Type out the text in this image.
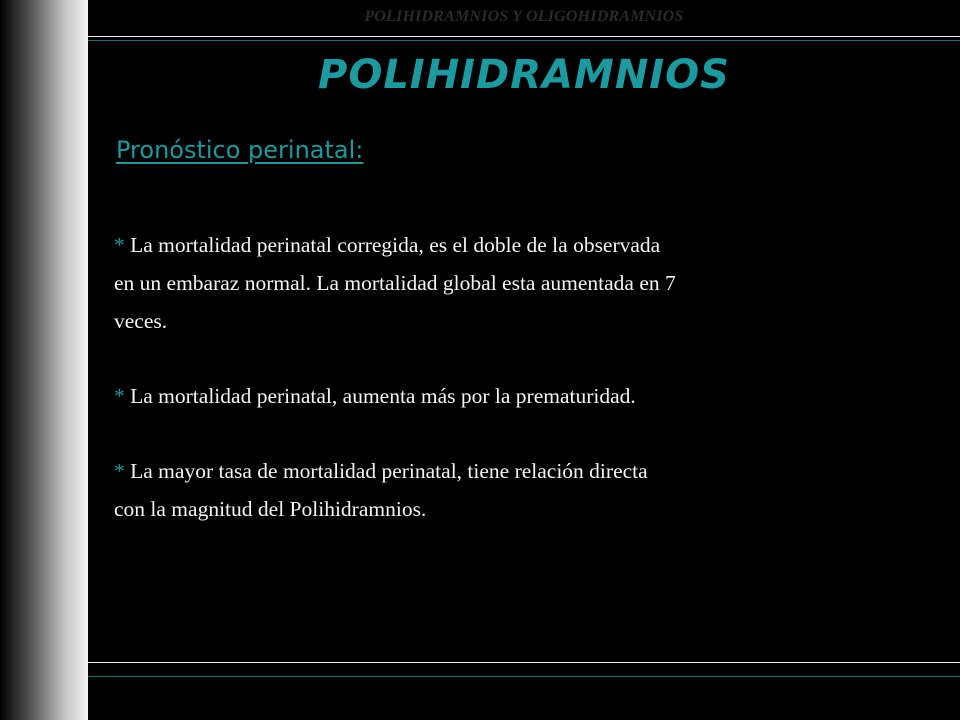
POLIHIDRAMNIOS Y OLIGOHIDRAMNIOS
POLIHIDRAMNIOS
Pronóstico perinatal:

* La mortalidad perinatal corregida, es el doble de la observada
en un embaraz normal. La mortalidad global esta aumentada en 7
veces.

* La mortalidad perinatal, aumenta más por la prematuridad.

* La mayor tasa de mortalidad perinatal, tiene relación directa
con la magnitud del Polihidramnios.
